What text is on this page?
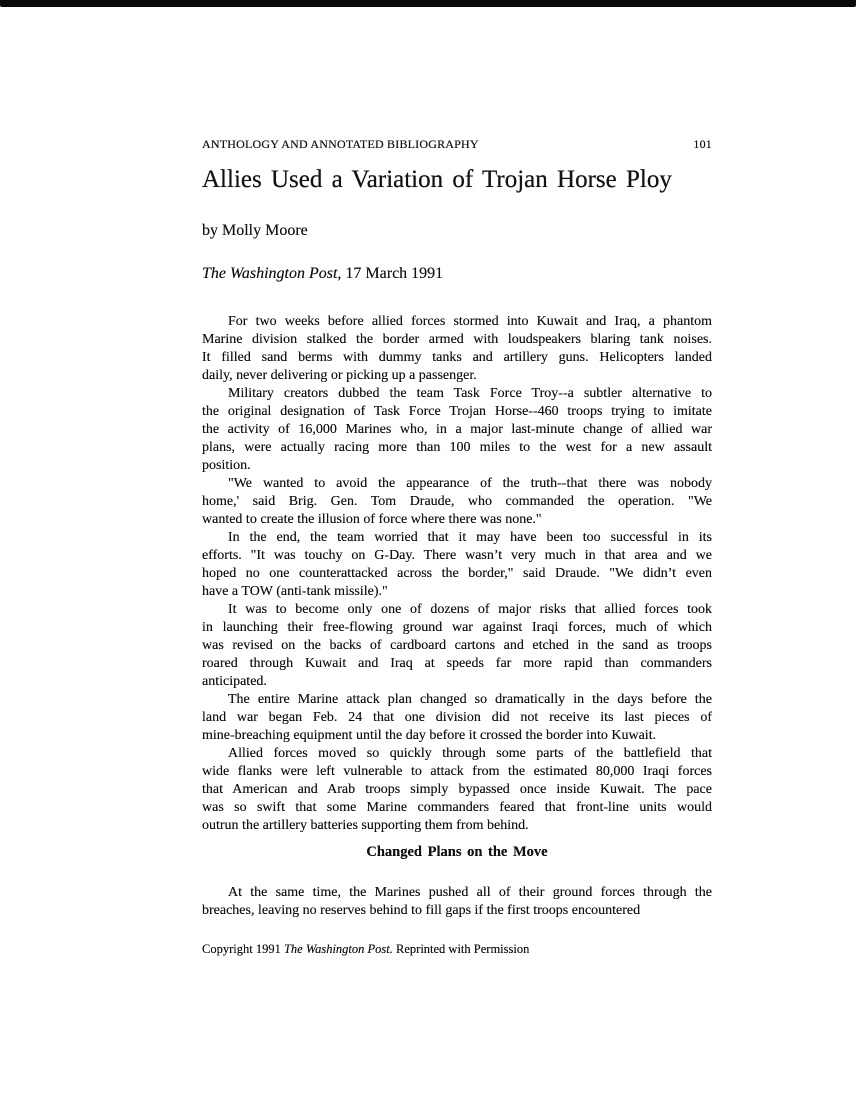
ANTHOLOGY AND ANNOTATED BIBLIOGRAPHY	101
Allies Used a Variation of Trojan Horse Ploy

by Molly Moore

The Washington Post, 17 March 1991

For two weeks before allied forces stormed into Kuwait and Iraq, a phantom
Marine division stalked the border armed with loudspeakers blaring tank noises.
It filled sand berms with dummy tanks and artillery guns. Helicopters landed
daily, never delivering or picking up a passenger.

Military creators dubbed the team Task Force Troy--a subtler alternative to
the original designation of Task Force Trojan Horse--460 troops trying to imitate
the activity of 16,000 Marines who, in a major last-minute change of allied war
plans, were actually racing more than 100 miles to the west for a new assault
position.

"We wanted to avoid the appearance of the truth--that there was nobody
home,' said Brig. Gen. Tom Draude, who commanded the operation. "We
wanted to create the illusion of force where there was none."

In the end, the team worried that it may have been too successful in its
efforts. "It was touchy on G-Day. There wasn’t very much in that area and we
hoped no one counterattacked across the border," said Draude. "We didn’t even
have a TOW (anti-tank missile)."

It was to become only one of dozens of major risks that allied forces took
in launching their free-flowing ground war against Iraqi forces, much of which
was revised on the backs of cardboard cartons and etched in the sand as troops
roared through Kuwait and Iraq at speeds far more rapid than commanders
anticipated.

The entire Marine attack plan changed so dramatically in the days before the
land war began Feb. 24 that one division did not receive its last pieces of
mine-breaching equipment until the day before it crossed the border into Kuwait.

Allied forces moved so quickly through some parts of the battlefield that
wide flanks were left vulnerable to attack from the estimated 80,000 Iraqi forces
that American and Arab troops simply bypassed once inside Kuwait. The pace
was so swift that some Marine commanders feared that front-line units would
outrun the artillery batteries supporting them from behind.

Changed Plans on the Move

At the same time, the Marines pushed all of their ground forces through the
breaches, leaving no reserves behind to fill gaps if the first troops encountered

Copyright 1991 The Washington Post. Reprinted with Permission
